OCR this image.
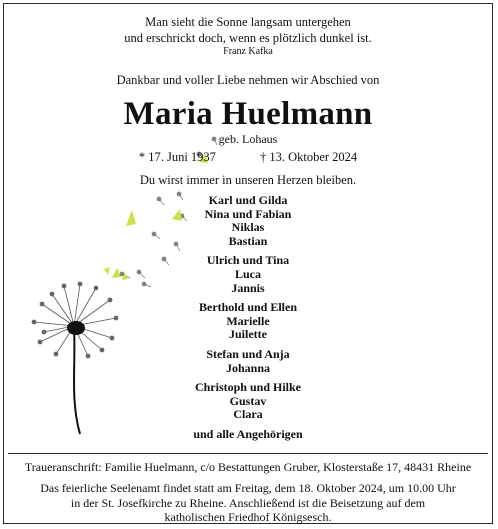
Man sieht die Sonne langsam untergehen
und erschrickt doch, wenn es plötzlich dunkel ist.
Franz Kafka
Dankbar und voller Liebe nehmen wir Abschied von
Maria Huelmann
geb. Lohaus
* 17. Juni 1937	† 13. Oktober 2024
Du wirst immer in unseren Herzen bleiben.
Karl und Gilda
Nina und Fabian
Niklas
Bastian
Ulrich und Tina
Luca
Jannis
Berthold und Ellen
Marielle
Juilette
Stefan und Anja
Johanna
Christoph und Hilke
Gustav
Clara
und alle Angehörigen
Traueranschrift: Familie Huelmann, c/o Bestattungen Gruber, Klosterstaße 17, 48431 Rheine
Das feierliche Seelenamt findet statt am Freitag, dem 18. Oktober 2024, um 10.00 Uhr
in der St. Josefkirche zu Rheine. Anschließend ist die Beisetzung auf dem
katholischen Friedhof Königsesch.
